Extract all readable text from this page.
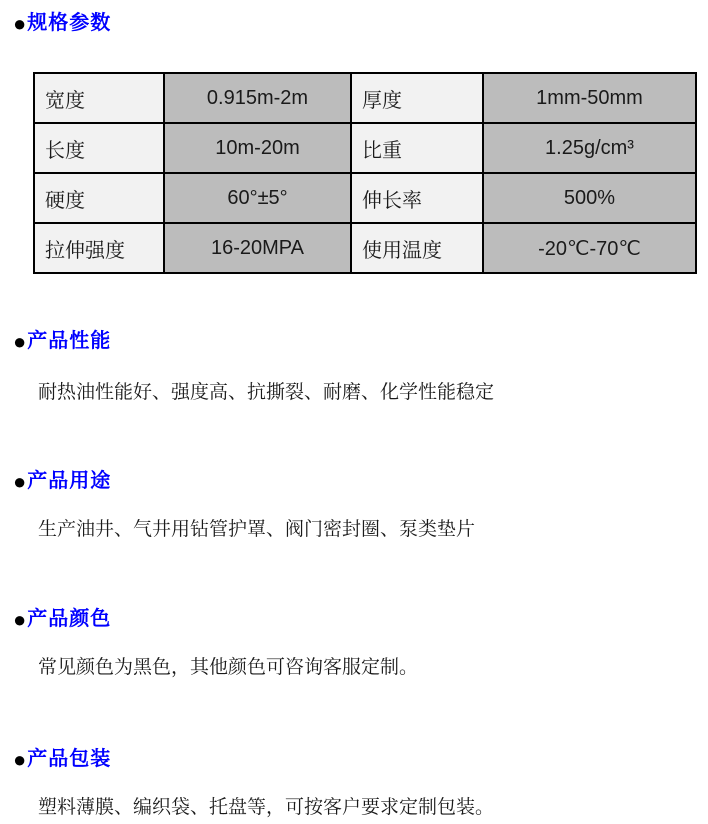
● 规格参数
宽度	0.915m-2m	厚度	1mm-50mm
长度	10m-20m	比重	1.25g/cm³
硬度	60°±5°	伸长率	500%
拉伸强度	16-20MPA	使用温度	-20℃-70℃
● 产品性能

耐热油性能好、强度高、抗撕裂、耐磨、化学性能稳定

● 产品用途

生产油井、气井用钻管护罩、阀门密封圈、泵类垫片

● 产品颜色

常见颜色为黑色，其他颜色可咨询客服定制。

● 产品包装

塑料薄膜、编织袋、托盘等，可按客户要求定制包装。
